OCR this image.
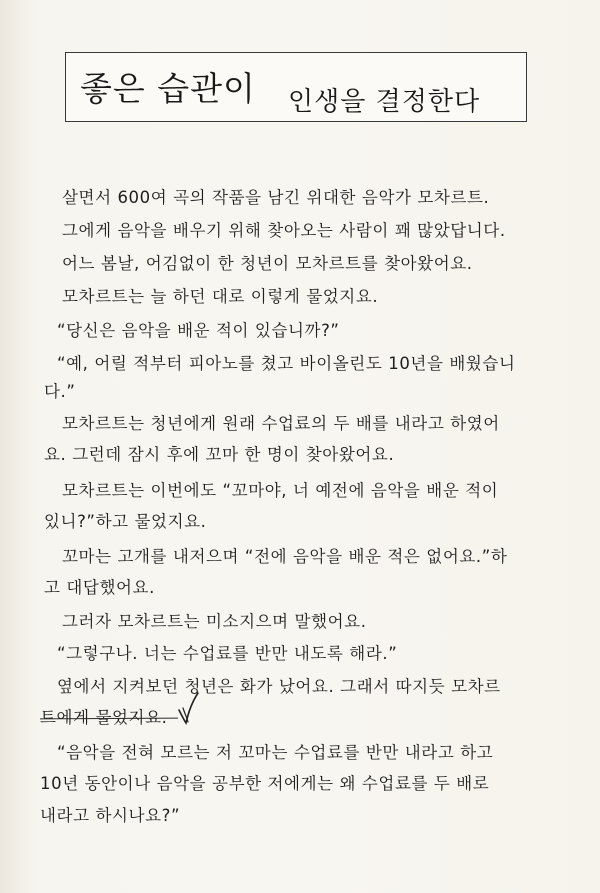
좋은 습관이 인생을 결정한다
살면서 600여 곡의 작품을 남긴 위대한 음악가 모차르트.
그에게 음악을 배우기 위해 찾아오는 사람이 꽤 많았답니다.
어느 봄날, 어김없이 한 청년이 모차르트를 찾아왔어요.
모차르트는 늘 하던 대로 이렇게 물었지요.
“당신은 음악을 배운 적이 있습니까?”
“예, 어릴 적부터 피아노를 쳤고 바이올린도 10년을 배웠습니
다.”
모차르트는 청년에게 원래 수업료의 두 배를 내라고 하였어
요. 그런데 잠시 후에 꼬마 한 명이 찾아왔어요.
모차르트는 이번에도 “꼬마야, 너 예전에 음악을 배운 적이
있니?”하고 물었지요.
꼬마는 고개를 내저으며 “전에 음악을 배운 적은 없어요.”하
고 대답했어요.
그러자 모차르트는 미소지으며 말했어요.
“그렇구나. 너는 수업료를 반만 내도록 해라.”
옆에서 지켜보던 청년은 화가 났어요. 그래서 따지듯 모차르
트에게 물었지요.
“음악을 전혀 모르는 저 꼬마는 수업료를 반만 내라고 하고
10년 동안이나 음악을 공부한 저에게는 왜 수업료를 두 배로
내라고 하시나요?”
